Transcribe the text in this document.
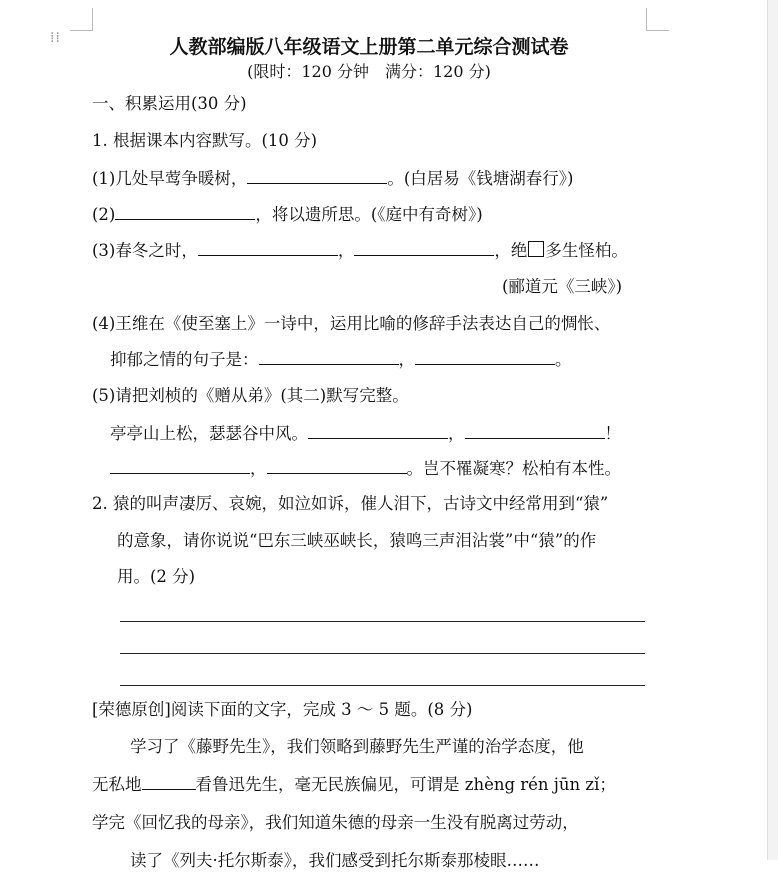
⁞⁞	人教部编版八年级语文上册第二单元综合测试卷
(限时：120 分钟　满分：120 分)
一、积累运用(30 分)
1. 根据课本内容默写。(10 分)
(1)几处早莺争暖树，	。(白居易《钱塘湖春行》)
(2)	，将以遗所思。(《庭中有奇树》)
(3)春冬之时，	，	，绝 多生怪柏。
(郦道元《三峡》)
(4)王维在《使至塞上》一诗中，运用比喻的修辞手法表达自己的惆怅、
抑郁之情的句子是：	，	。
(5)请把刘桢的《赠从弟》(其二)默写完整。
亭亭山上松，瑟瑟谷中风。	，	！
，	。岂不罹凝寒？松柏有本性。
2. 猿的叫声凄厉、哀婉，如泣如诉，催人泪下，古诗文中经常用到“猿”
的意象，请你说说“巴东三峡巫峡长，猿鸣三声泪沾裳”中“猿”的作
用。(2 分)
[荣德原创]阅读下面的文字，完成 3 ～ 5 题。(8 分)
学习了《藤野先生》，我们领略到藤野先生严谨的治学态度，他
无私地	看鲁迅先生，毫无民族偏见，可谓是 zhèng rén jūn zǐ；
学完《回忆我的母亲》，我们知道朱德的母亲一生没有脱离过劳动，
读了《列夫·托尔斯泰》，我们感受到托尔斯泰那棱眼……
